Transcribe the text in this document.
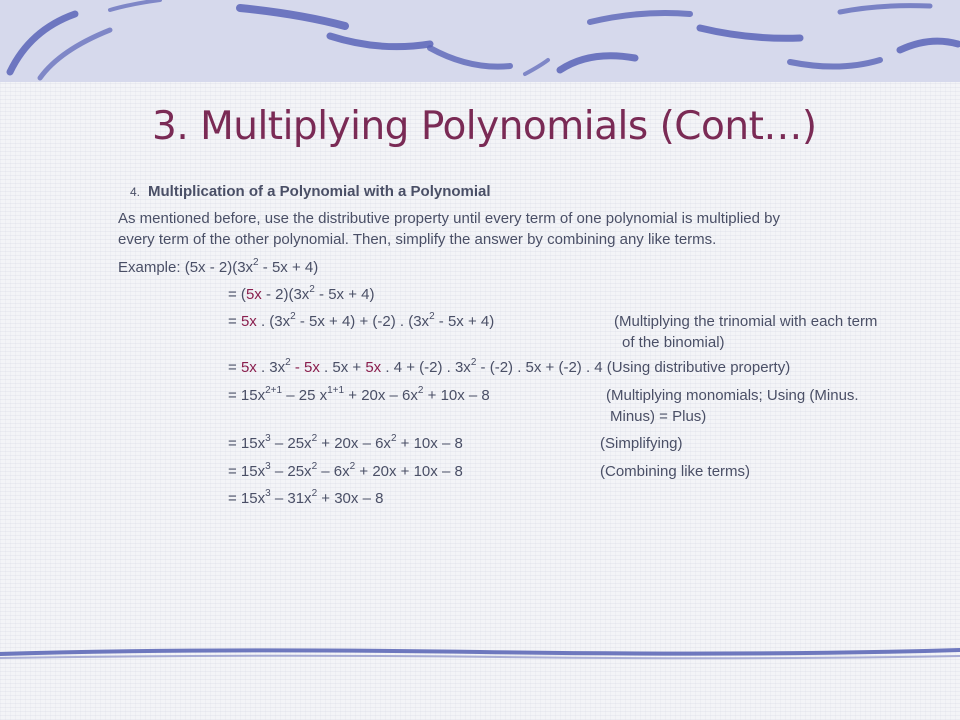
3. Multiplying Polynomials (Cont…)
4. Multiplication of a Polynomial with a Polynomial
As mentioned before, use the distributive property until every term of one polynomial is multiplied by
every term of the other polynomial. Then, simplify the answer by combining any like terms.
Example: $(5x - 2)(3x^2 - 5x + 4)$
= $(5x - 2)(3x^2 - 5x + 4)$
= 5x . $(3x^2 - 5x + 4) + (-2)$ . $(3x^2 - 5x + 4)$	(Multiplying the trinomial with each term
of the binomial)
= 5x . $3x^2 - 5x$ . 5x + 5x . 4 + (-2) . $3x^2 - (-2)$ . 5x + (-2) . 4 (Using distributive property)
= $15x^{2+1} - 25$ $x^{1+1} + 20x - 6x^2 + 10x - 8$	(Multiplying monomials; Using (Minus.
Minus) = Plus)
= $15x^3 - 25x^2 + 20x - 6x^2 + 10x - 8$	(Simplifying)
= $15x^3 - 25x^2 - 6x^2 + 20x + 10x - 8$	(Combining like terms)
= $15x^3 - 31x^2 + 30x - 8$
